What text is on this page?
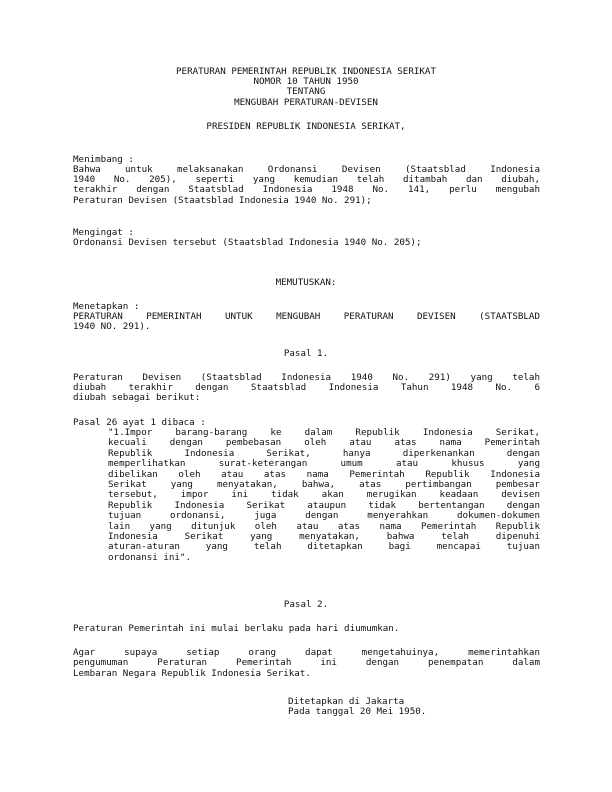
PERATURAN PEMERINTAH REPUBLIK INDONESIA SERIKAT
NOMOR 10 TAHUN 1950
TENTANG
MENGUBAH PERATURAN-DEVISEN
PRESIDEN REPUBLIK INDONESIA SERIKAT,
Menimbang :
Bahwa untuk melaksanakan Ordonansi Devisen (Staatsblad Indonesia
1940 No. 205), seperti yang kemudian telah ditambah dan diubah,
terakhir dengan Staatsblad Indonesia 1948 No. 141, perlu mengubah
Peraturan Devisen (Staatsblad Indonesia 1940 No. 291);
Mengingat :
Ordonansi Devisen tersebut (Staatsblad Indonesia 1940 No. 205);
MEMUTUSKAN:
Menetapkan :
PERATURAN PEMERINTAH UNTUK MENGUBAH PERATURAN DEVISEN (STAATSBLAD
1940 NO. 291).
Pasal 1.
Peraturan Devisen (Staatsblad Indonesia 1940 No. 291) yang telah
diubah terakhir dengan Staatsblad Indonesia Tahun 1948 No. 6
diubah sebagai berikut:
Pasal 26 ayat 1 dibaca :
"1.Impor barang-barang ke dalam Republik Indonesia Serikat,
kecuali dengan pembebasan oleh atau atas nama Pemerintah
Republik Indonesia Serikat, hanya diperkenankan dengan
memperlihatkan surat-keterangan umum atau khusus yang
dibelikan oleh atau atas nama Pemerintah Republik Indonesia
Serikat yang menyatakan, bahwa, atas pertimbangan pembesar
tersebut, impor ini tidak akan merugikan keadaan devisen
Republik Indonesia Serikat ataupun tidak bertentangan dengan
tujuan ordonansi, juga dengan menyerahkan dokumen-dokumen
lain yang ditunjuk oleh atau atas nama Pemerintah Republik
Indonesia Serikat yang menyatakan, bahwa telah dipenuhi
aturan-aturan yang telah ditetapkan bagi mencapai tujuan
ordonansi ini".
Pasal 2.
Peraturan Pemerintah ini mulai berlaku pada hari diumumkan.
Agar supaya setiap orang dapat mengetahuinya, memerintahkan
pengumuman Peraturan Pemerintah ini dengan penempatan dalam
Lembaran Negara Republik Indonesia Serikat.
Ditetapkan di Jakarta
Pada tanggal 20 Mei 1950.
